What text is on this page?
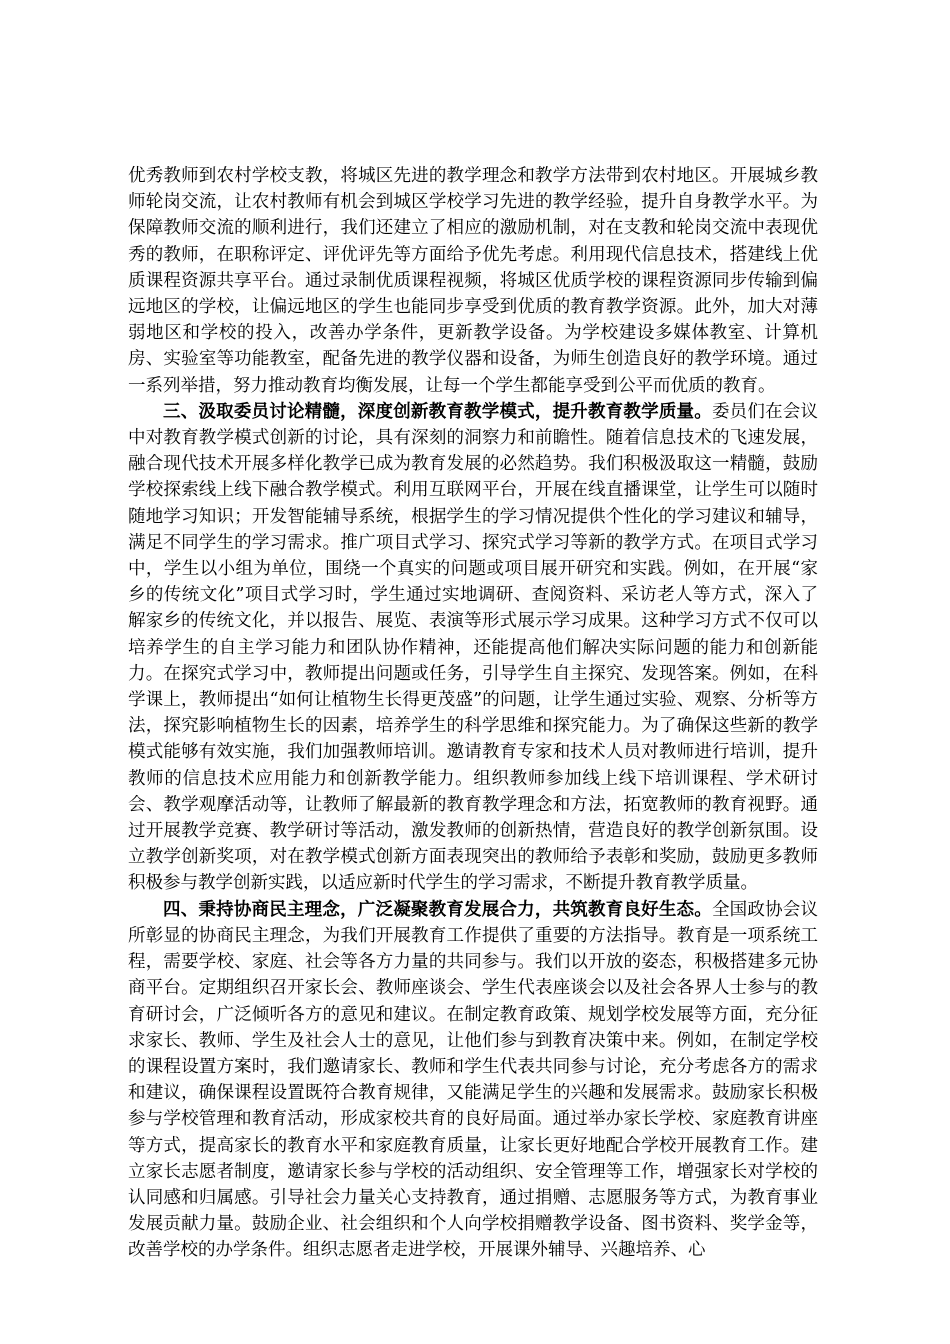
优秀教师到农村学校支教，将城区先进的教学理念和教学方法带到农村地区。开展城乡教师轮岗交流，让农村教师有机会到城区学校学习先进的教学经验，提升自身教学水平。为保障教师交流的顺利进行，我们还建立了相应的激励机制，对在支教和轮岗交流中表现优秀的教师，在职称评定、评优评先等方面给予优先考虑。利用现代信息技术，搭建线上优质课程资源共享平台。通过录制优质课程视频，将城区优质学校的课程资源同步传输到偏远地区的学校，让偏远地区的学生也能同步享受到优质的教育教学资源。此外，加大对薄弱地区和学校的投入，改善办学条件，更新教学设备。为学校建设多媒体教室、计算机房、实验室等功能教室，配备先进的教学仪器和设备，为师生创造良好的教学环境。通过一系列举措，努力推动教育均衡发展，让每一个学生都能享受到公平而优质的教育。

三、汲取委员讨论精髓，深度创新教育教学模式，提升教育教学质量。委员们在会议中对教育教学模式创新的讨论，具有深刻的洞察力和前瞻性。随着信息技术的飞速发展，融合现代技术开展多样化教学已成为教育发展的必然趋势。我们积极汲取这一精髓，鼓励学校探索线上线下融合教学模式。利用互联网平台，开展在线直播课堂，让学生可以随时随地学习知识；开发智能辅导系统，根据学生的学习情况提供个性化的学习建议和辅导，满足不同学生的学习需求。推广项目式学习、探究式学习等新的教学方式。在项目式学习中，学生以小组为单位，围绕一个真实的问题或项目展开研究和实践。例如，在开展“家乡的传统文化”项目式学习时，学生通过实地调研、查阅资料、采访老人等方式，深入了解家乡的传统文化，并以报告、展览、表演等形式展示学习成果。这种学习方式不仅可以培养学生的自主学习能力和团队协作精神，还能提高他们解决实际问题的能力和创新能力。在探究式学习中，教师提出问题或任务，引导学生自主探究、发现答案。例如，在科学课上，教师提出“如何让植物生长得更茂盛”的问题，让学生通过实验、观察、分析等方法，探究影响植物生长的因素，培养学生的科学思维和探究能力。为了确保这些新的教学模式能够有效实施，我们加强教师培训。邀请教育专家和技术人员对教师进行培训，提升教师的信息技术应用能力和创新教学能力。组织教师参加线上线下培训课程、学术研讨会、教学观摩活动等，让教师了解最新的教育教学理念和方法，拓宽教师的教育视野。通过开展教学竞赛、教学研讨等活动，激发教师的创新热情，营造良好的教学创新氛围。设立教学创新奖项，对在教学模式创新方面表现突出的教师给予表彰和奖励，鼓励更多教师积极参与教学创新实践，以适应新时代学生的学习需求，不断提升教育教学质量。

四、秉持协商民主理念，广泛凝聚教育发展合力，共筑教育良好生态。全国政协会议所彰显的协商民主理念，为我们开展教育工作提供了重要的方法指导。教育是一项系统工程，需要学校、家庭、社会等各方力量的共同参与。我们以开放的姿态，积极搭建多元协商平台。定期组织召开家长会、教师座谈会、学生代表座谈会以及社会各界人士参与的教育研讨会，广泛倾听各方的意见和建议。在制定教育政策、规划学校发展等方面，充分征求家长、教师、学生及社会人士的意见，让他们参与到教育决策中来。例如，在制定学校的课程设置方案时，我们邀请家长、教师和学生代表共同参与讨论，充分考虑各方的需求和建议，确保课程设置既符合教育规律，又能满足学生的兴趣和发展需求。鼓励家长积极参与学校管理和教育活动，形成家校共育的良好局面。通过举办家长学校、家庭教育讲座等方式，提高家长的教育水平和家庭教育质量，让家长更好地配合学校开展教育工作。建立家长志愿者制度，邀请家长参与学校的活动组织、安全管理等工作，增强家长对学校的认同感和归属感。引导社会力量关心支持教育，通过捐赠、志愿服务等方式，为教育事业发展贡献力量。鼓励企业、社会组织和个人向学校捐赠教学设备、图书资料、奖学金等，改善学校的办学条件。组织志愿者走进学校，开展课外辅导、兴趣培养、心
